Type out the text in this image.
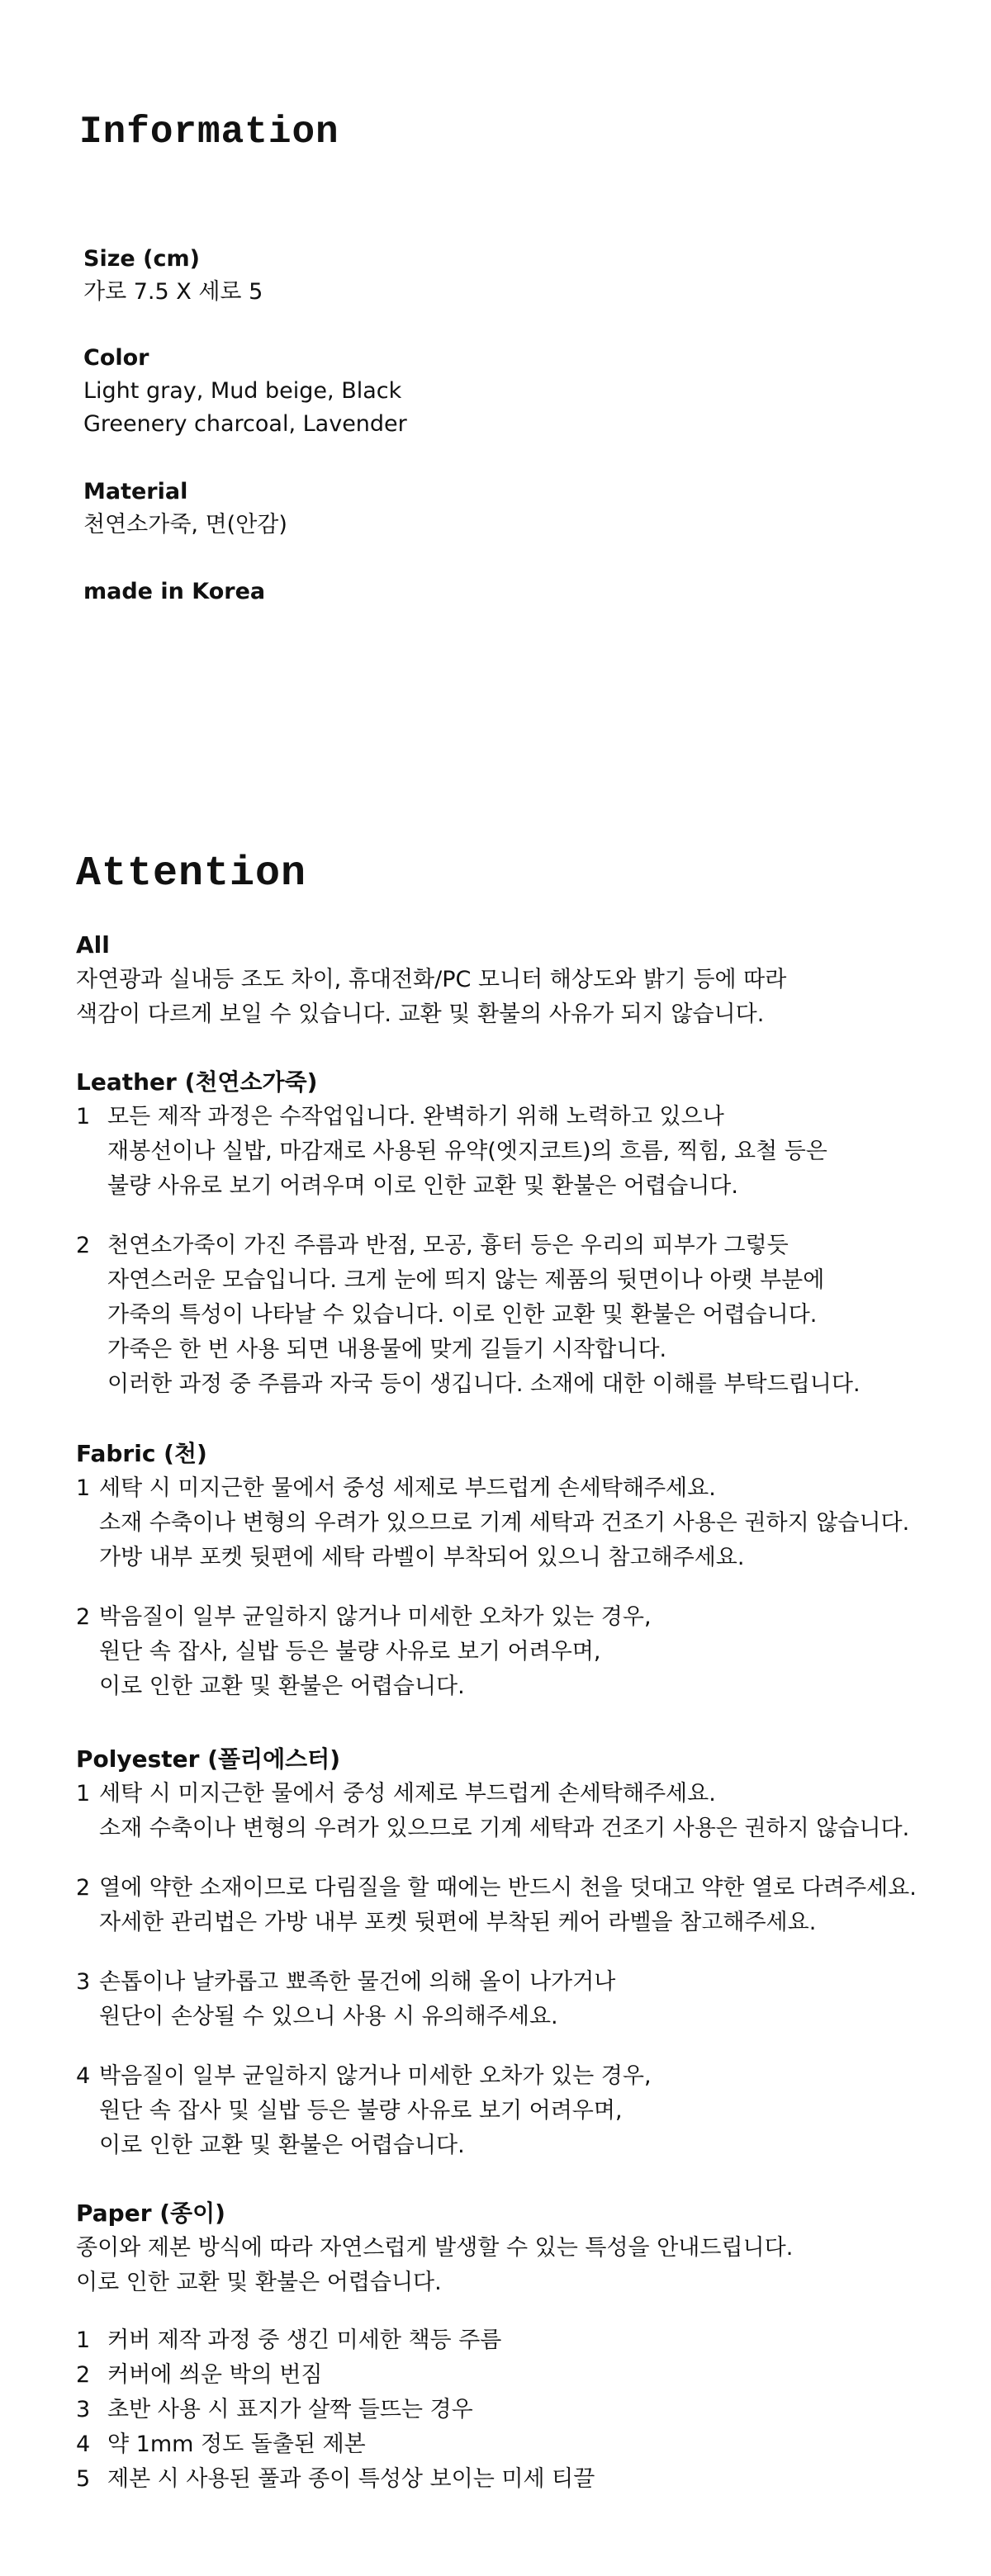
Information
Size (cm)
가로 7.5 X 세로 5
Color
Light gray, Mud beige, Black
Greenery charcoal, Lavender
Material
천연소가죽, 면(안감)
made in Korea
Attention
All
자연광과 실내등 조도 차이, 휴대전화/PC 모니터 해상도와 밝기 등에 따라
색감이 다르게 보일 수 있습니다. 교환 및 환불의 사유가 되지 않습니다.
Leather (천연소가죽)
1 모든 제작 과정은 수작업입니다. 완벽하기 위해 노력하고 있으나
재봉선이나 실밥, 마감재로 사용된 유약(엣지코트)의 흐름, 찍힘, 요철 등은
불량 사유로 보기 어려우며 이로 인한 교환 및 환불은 어렵습니다.
2 천연소가죽이 가진 주름과 반점, 모공, 흉터 등은 우리의 피부가 그렇듯
자연스러운 모습입니다. 크게 눈에 띄지 않는 제품의 뒷면이나 아랫 부분에
가죽의 특성이 나타날 수 있습니다. 이로 인한 교환 및 환불은 어렵습니다.
가죽은 한 번 사용 되면 내용물에 맞게 길들기 시작합니다.
이러한 과정 중 주름과 자국 등이 생깁니다. 소재에 대한 이해를 부탁드립니다.
Fabric (천)
1 세탁 시 미지근한 물에서 중성 세제로 부드럽게 손세탁해주세요.
소재 수축이나 변형의 우려가 있으므로 기계 세탁과 건조기 사용은 권하지 않습니다.
가방 내부 포켓 뒷편에 세탁 라벨이 부착되어 있으니 참고해주세요.
2 박음질이 일부 균일하지 않거나 미세한 오차가 있는 경우,
원단 속 잡사, 실밥 등은 불량 사유로 보기 어려우며,
이로 인한 교환 및 환불은 어렵습니다.
Polyester (폴리에스터)
1 세탁 시 미지근한 물에서 중성 세제로 부드럽게 손세탁해주세요.
소재 수축이나 변형의 우려가 있으므로 기계 세탁과 건조기 사용은 권하지 않습니다.
2 열에 약한 소재이므로 다림질을 할 때에는 반드시 천을 덧대고 약한 열로 다려주세요.
자세한 관리법은 가방 내부 포켓 뒷편에 부착된 케어 라벨을 참고해주세요.
3 손톱이나 날카롭고 뾰족한 물건에 의해 올이 나가거나
원단이 손상될 수 있으니 사용 시 유의해주세요.
4 박음질이 일부 균일하지 않거나 미세한 오차가 있는 경우,
원단 속 잡사 및 실밥 등은 불량 사유로 보기 어려우며,
이로 인한 교환 및 환불은 어렵습니다.
Paper (종이)
종이와 제본 방식에 따라 자연스럽게 발생할 수 있는 특성을 안내드립니다.
이로 인한 교환 및 환불은 어렵습니다.
1 커버 제작 과정 중 생긴 미세한 책등 주름
2 커버에 씌운 박의 번짐
3 초반 사용 시 표지가 살짝 들뜨는 경우
4 약 1mm 정도 돌출된 제본
5 제본 시 사용된 풀과 종이 특성상 보이는 미세 티끌
